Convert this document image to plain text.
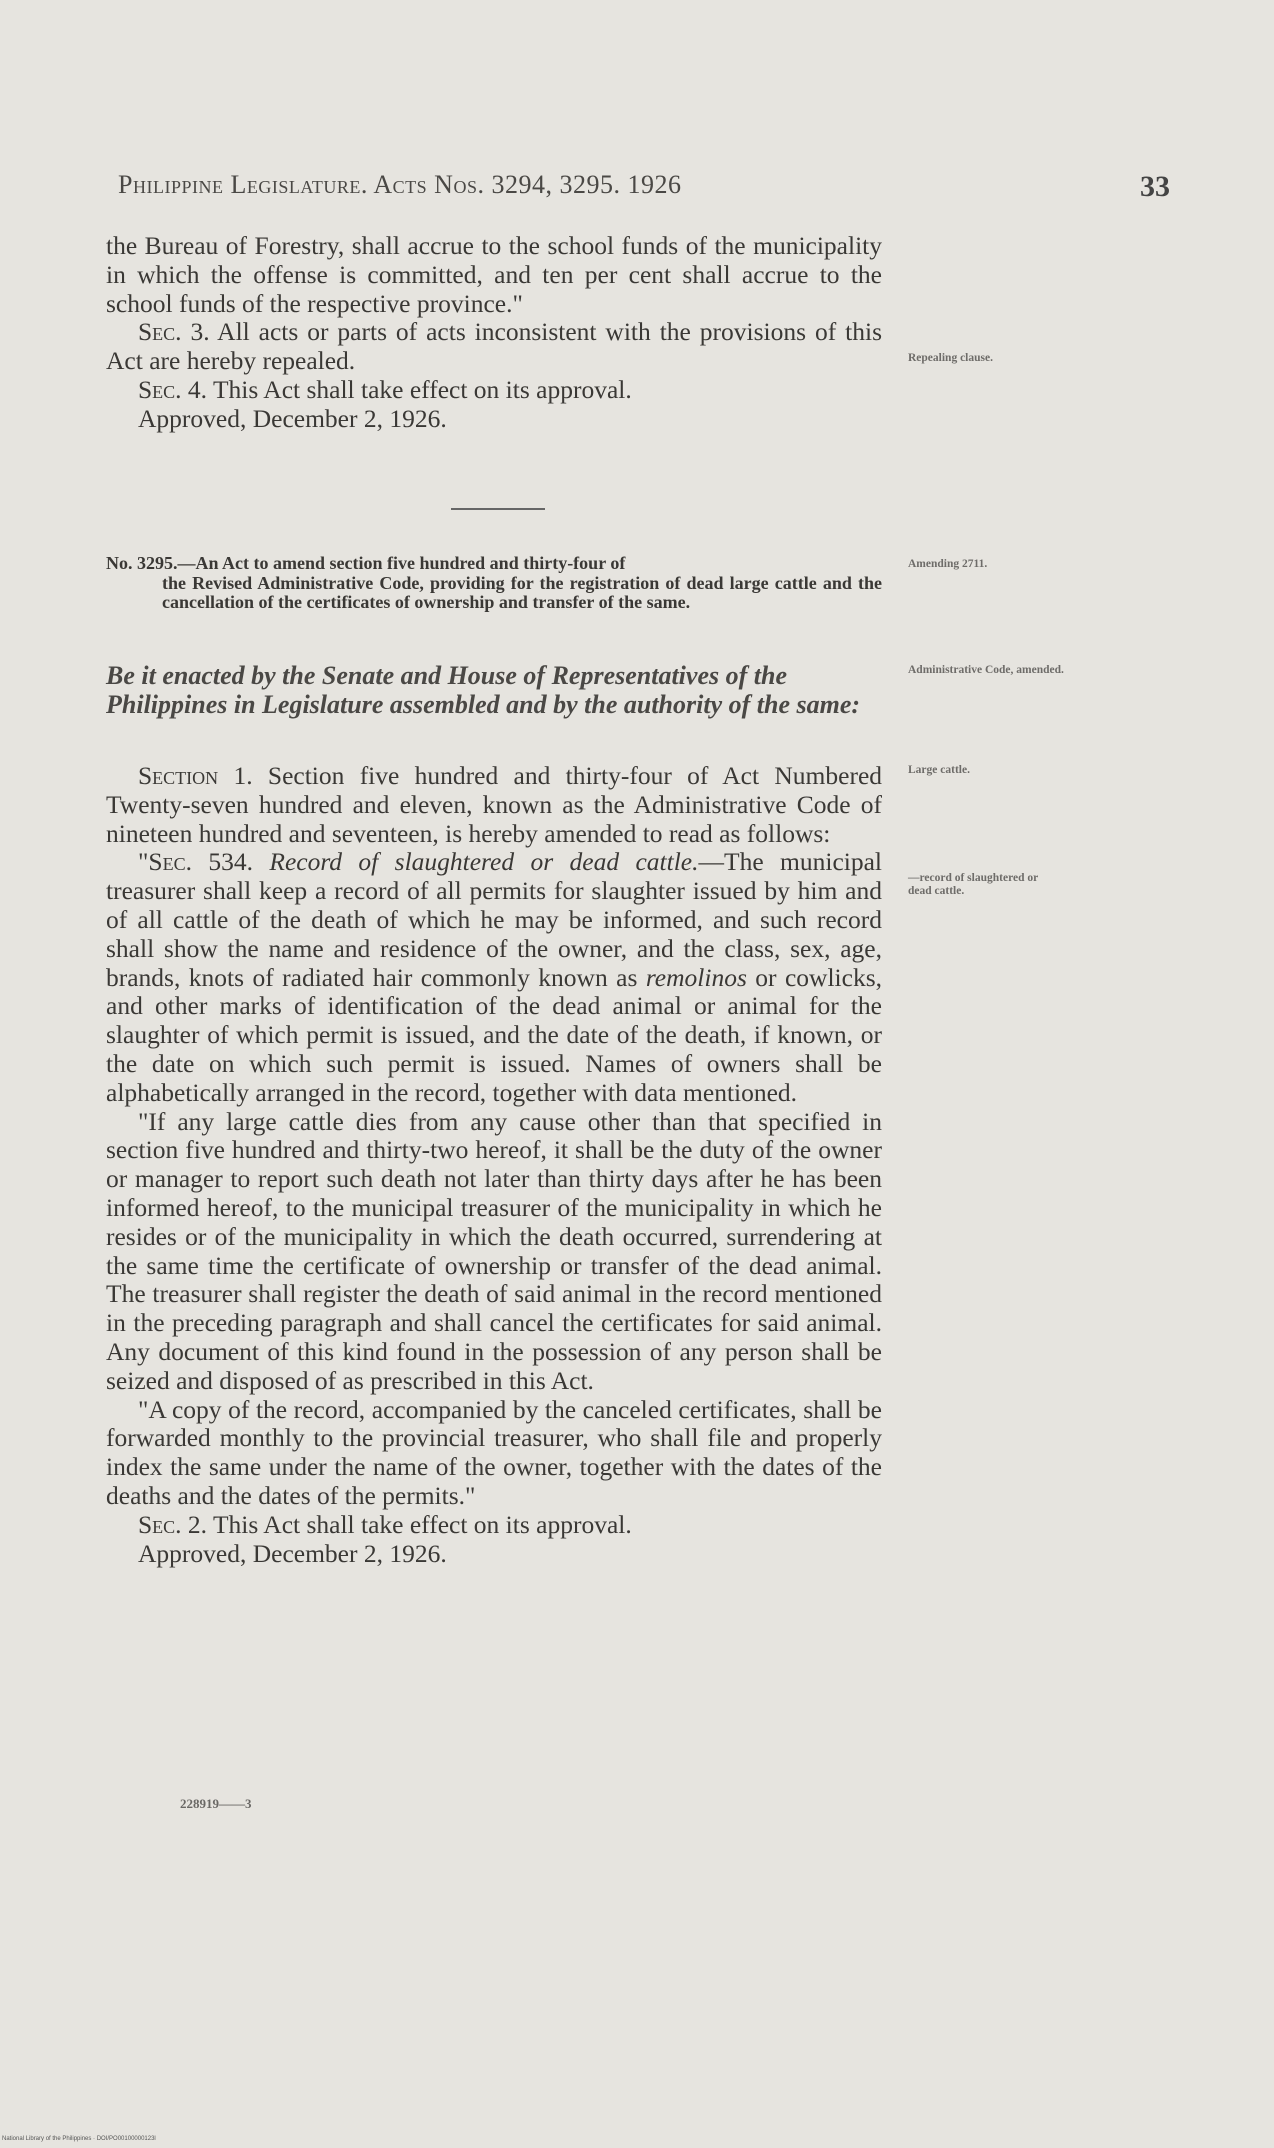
Philippine Legislature. Acts Nos. 3294, 3295. 1926	33

the Bureau of Forestry, shall accrue to the school funds of the municipality in which the offense is committed, and ten per cent shall accrue to the school funds of the respective province."

Sec. 3. All acts or parts of acts inconsistent with the provisions of this Act are hereby repealed.

Sec. 4. This Act shall take effect on its approval.

Approved, December 2, 1926.

No. 3295.—An Act to amend section five hundred and thirty-four of
the Revised Administrative Code, providing for the registration of dead large cattle and the cancellation of the certificates of ownership and transfer of the same.
Be it enacted by the Senate and House of Representatives of the Philippines in Legislature assembled and by the authority of the same:

Section 1. Section five hundred and thirty-four of Act Numbered Twenty-seven hundred and eleven, known as the Administrative Code of nineteen hundred and seventeen, is hereby amended to read as follows:

"Sec. 534. Record of slaughtered or dead cattle.—The municipal treasurer shall keep a record of all permits for slaughter issued by him and of all cattle of the death of which he may be informed, and such record shall show the name and residence of the owner, and the class, sex, age, brands, knots of radiated hair commonly known as remolinos or cowlicks, and other marks of identification of the dead animal or animal for the slaughter of which permit is issued, and the date of the death, if known, or the date on which such permit is issued. Names of owners shall be alphabetically arranged in the record, together with data mentioned.

"If any large cattle dies from any cause other than that specified in section five hundred and thirty-two hereof, it shall be the duty of the owner or manager to report such death not later than thirty days after he has been informed hereof, to the municipal treasurer of the municipality in which he resides or of the municipality in which the death occurred, surrendering at the same time the certificate of ownership or transfer of the dead animal. The treasurer shall register the death of said animal in the record mentioned in the preceding paragraph and shall cancel the certificates for said animal. Any document of this kind found in the possession of any person shall be seized and disposed of as prescribed in this Act.

"A copy of the record, accompanied by the canceled certificates, shall be forwarded monthly to the provincial treasurer, who shall file and properly index the same under the name of the owner, together with the dates of the deaths and the dates of the permits."

Sec. 2. This Act shall take effect on its approval.

Approved, December 2, 1926.

Repealing clause.
Amending 2711.
Administrative Code, amended.
Large cattle.
—record of slaughtered or dead cattle.
228919——3
National Library of the Philippines · DOI/PO00100000123l
